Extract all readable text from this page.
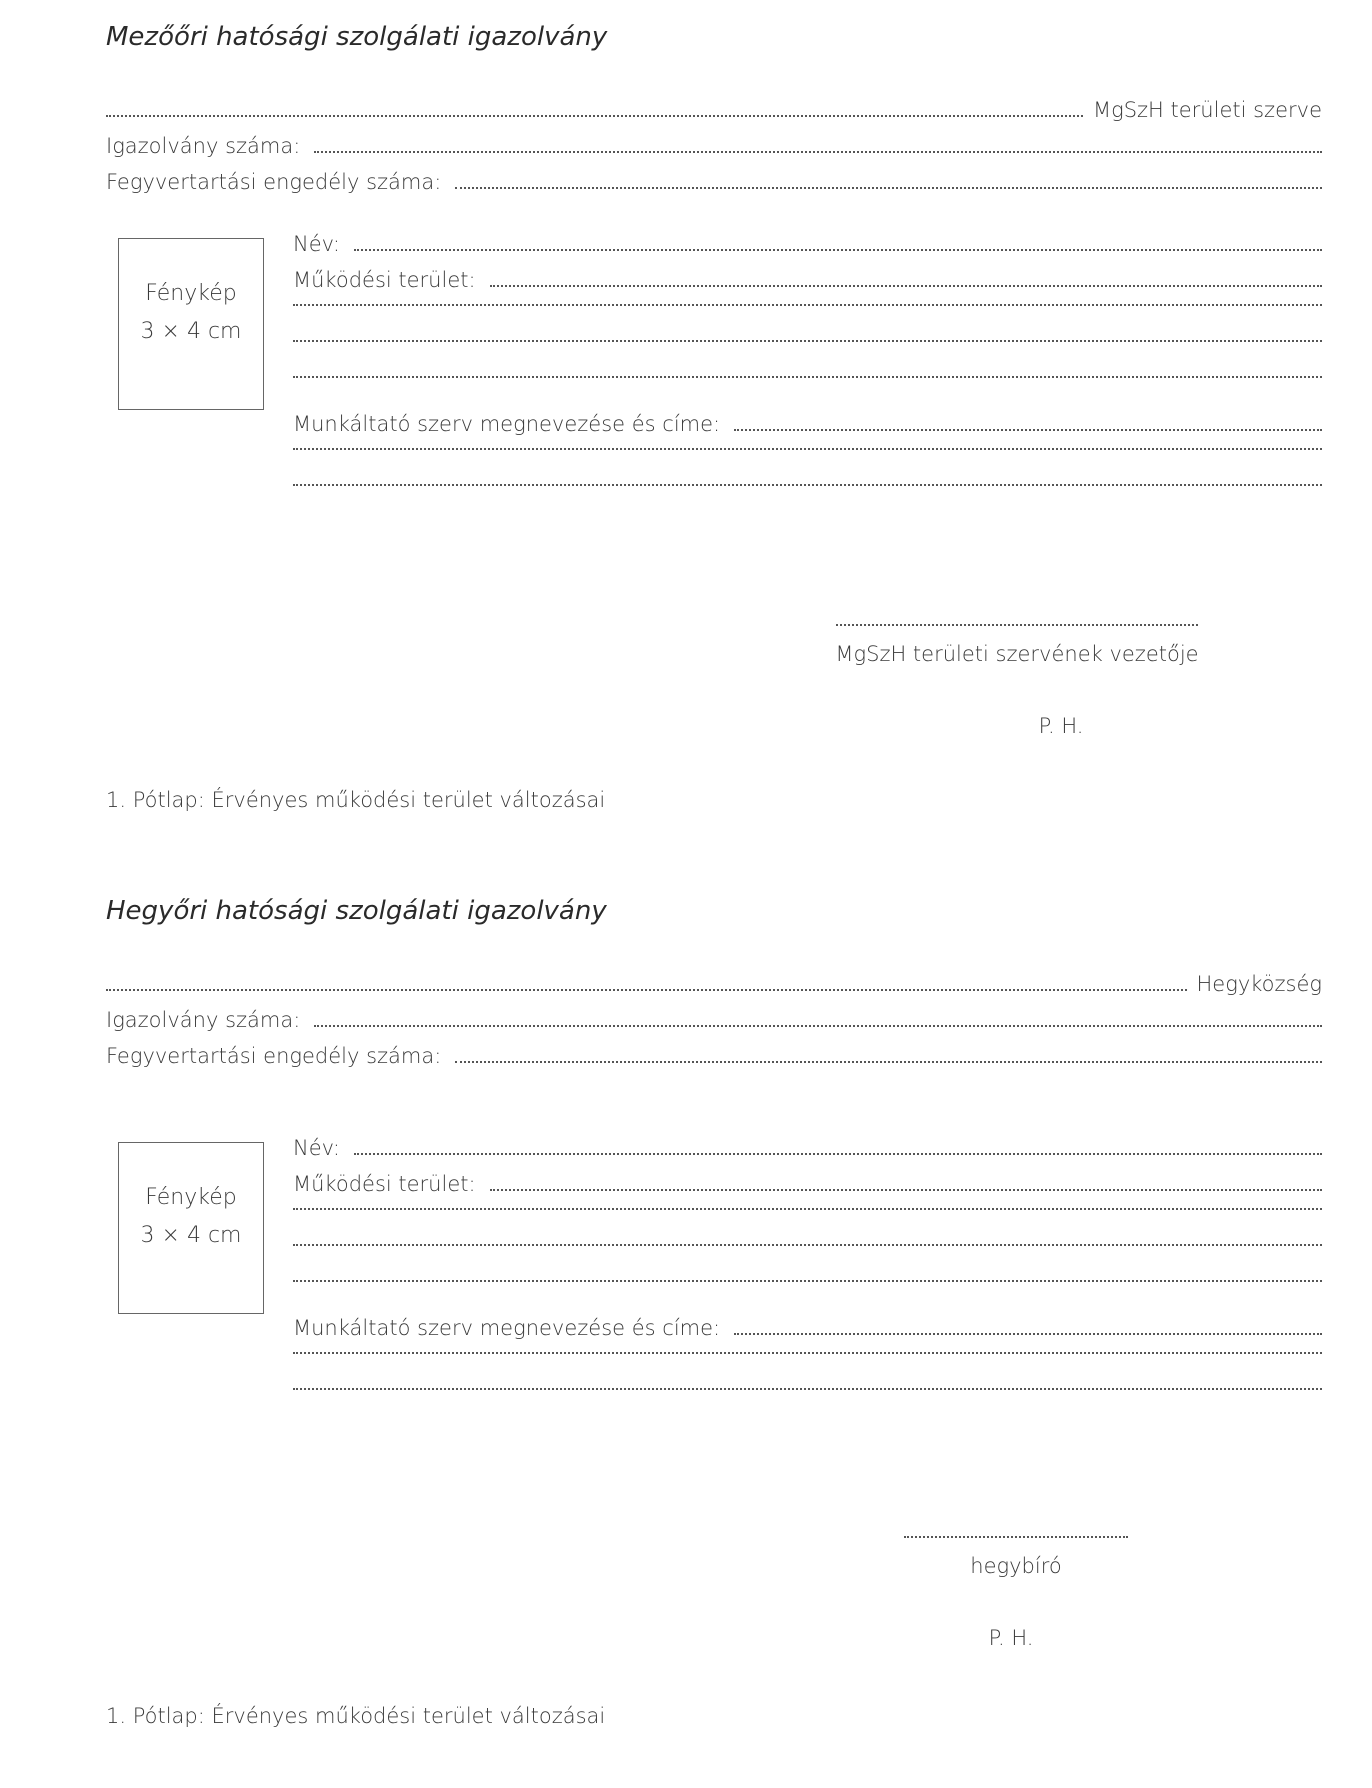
Mezőőri hatósági szolgálati igazolvány
MgSzH területi szerve
Igazolvány száma:
Fegyvertartási engedély száma:
Fénykép
3 × 4 cm
Név:
Működési terület:
Munkáltató szerv megnevezése és címe:
MgSzH területi szervének vezetője
P. H.
1. Pótlap: Érvényes működési terület változásai
Hegyőri hatósági szolgálati igazolvány
Hegyközség
Igazolvány száma:
Fegyvertartási engedély száma:
Fénykép
3 × 4 cm
Név:
Működési terület:
Munkáltató szerv megnevezése és címe:
hegybíró
P. H.
1. Pótlap: Érvényes működési terület változásai
